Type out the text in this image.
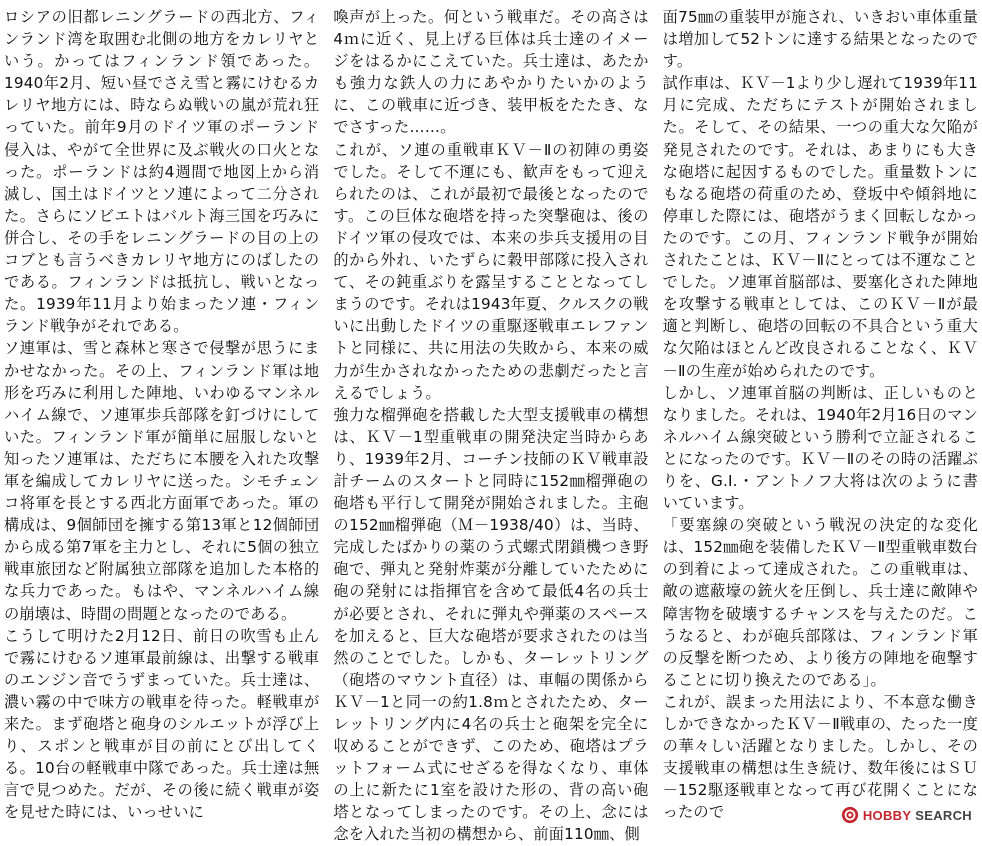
ロシアの旧都レニングラードの西北方、フィンランド湾を取囲む北側の地方をカレリヤという。かってはフィンランド領であった。1940年2月、短い昼でさえ雪と霧にけむるカレリヤ地方には、時ならぬ戦いの嵐が荒れ狂っていた。前年9月のドイツ軍のポーランド侵入は、やがて全世界に及ぶ戦火の口火となった。ポーランドは約4週間で地図上から消滅し、国土はドイツとソ連によって二分された。さらにソビエトはバルト海三国を巧みに併合し、その手をレニングラードの目の上のコブとも言うべきカレリヤ地方にのばしたのである。フィンランドは抵抗し、戦いとなった。1939年11月より始まったソ連・フィンランド戦争がそれである。

ソ連軍は、雪と森林と寒さで侵撃が思うにまかせなかった。その上、フィンランド軍は地形を巧みに利用した陣地、いわゆるマンネルハイム線で、ソ連軍歩兵部隊を釘づけにしていた。フィンランド軍が簡単に屈服しないと知ったソ連軍は、ただちに本腰を入れた攻撃軍を編成してカレリヤに送った。シモチェンコ将軍を長とする西北方面軍であった。軍の構成は、9個師団を擁する第13軍と12個師団から成る第7軍を主力とし、それに5個の独立戦車旅団など附属独立部隊を追加した本格的な兵力であった。もはや、マンネルハイム線の崩壊は、時間の問題となったのである。

こうして明けた2月12日、前日の吹雪も止んで霧にけむるソ連軍最前線は、出撃する戦車のエンジン音でうずまっていた。兵士達は、濃い霧の中で味方の戦車を待った。軽戦車が来た。まず砲塔と砲身のシルエットが浮び上り、スポンと戦車が目の前にとび出してくる。10台の軽戦車中隊であった。兵士達は無言で見つめた。だが、その後に続く戦車が姿を見せた時には、いっせいに

喚声が上った。何という戦車だ。その高さは4ｍに近く、見上げる巨体は兵士達のイメージをはるかにこえていた。兵士達は、あたかも強力な鉄人の力にあやかりたいかのように、この戦車に近づき、装甲板をたたき、なでさすった……。

これが、ソ連の重戦車ＫＶ－Ⅱの初陣の勇姿でした。そして不運にも、歓声をもって迎えられたのは、これが最初で最後となったのです。この巨体な砲塔を持った突撃砲は、後のドイツ軍の侵攻では、本来の歩兵支援用の目的から外れ、いたずらに穀甲部隊に投入されて、その鈍重ぶりを露呈することとなってしまうのです。それは1943年夏、クルスクの戦いに出動したドイツの重駆逐戦車エレファントと同様に、共に用法の失敗から、本来の威力が生かされなかったための悲劇だったと言えるでしょう。

強力な榴弾砲を搭載した大型支援戦車の構想は、ＫＶ－1型重戦車の開発決定当時からあり、1939年2月、コーチン技師のＫＶ戦車設計チームのスタートと同時に152㎜榴弾砲の砲塔も平行して開発が開始されました。主砲の152㎜榴弾砲（Ｍ－1938/40）は、当時、完成したばかりの薬のう式螺式閉鎖機つき野砲で、弾丸と発射炸薬が分離していたために砲の発射には指揮官を含めて最低4名の兵士が必要とされ、それに弾丸や弾薬のスペースを加えると、巨大な砲塔が要求されたのは当然のことでした。しかも、ターレットリング（砲塔のマウント直径）は、車幅の関係からＫＶ－1と同一の約1.8ｍとされたため、ターレットリング内に4名の兵士と砲架を完全に収めることができず、このため、砲塔はプラットフォーム式にせざるを得なくなり、車体の上に新たに1室を設けた形の、背の高い砲塔となってしまったのです。その上、念には念を入れた当初の構想から、前面110㎜、側

面75㎜の重装甲が施され、いきおい車体重量は増加して52トンに達する結果となったのです。

試作車は、ＫＶ－1より少し遅れて1939年11月に完成、ただちにテストが開始されました。そして、その結果、一つの重大な欠陥が発見されたのです。それは、あまりにも大きな砲塔に起因するものでした。重量数トンにもなる砲塔の荷重のため、登坂中や傾斜地に停車した際には、砲塔がうまく回転しなかったのです。この月、フィンランド戦争が開始されたことは、ＫＶ－Ⅱにとっては不運なことでした。ソ連軍首脳部は、要塞化された陣地を攻撃する戦車としては、このＫＶ－Ⅱが最適と判断し、砲塔の回転の不具合という重大な欠陥はほとんど改良されることなく、ＫＶ－Ⅱの生産が始められたのです。

しかし、ソ連軍首脳の判断は、正しいものとなりました。それは、1940年2月16日のマンネルハイム線突破という勝利で立証されることになったのです。ＫＶ－Ⅱのその時の活躍ぶりを、G.I.・アントノフ大将は次のように書いています。

「要塞線の突破という戦況の決定的な変化は、152㎜砲を装備したＫＶ－Ⅱ型重戦車数台の到着によって達成された。この重戦車は、敵の遮蔽壕の銃火を圧倒し、兵士達に敵陣や障害物を破壊するチャンスを与えたのだ。こうなると、わが砲兵部隊は、フィンランド軍の反撃を断つため、より後方の陣地を砲撃することに切り換えたのである」。

これが、誤まった用法により、不本意な働きしかできなかったＫＶ－Ⅱ戦車の、たった一度の華々しい活躍となりました。しかし、その支援戦車の構想は生き続け、数年後にはＳＵ－152駆逐戦車となって再び花開くことになったので	HOBBY SEARCH
